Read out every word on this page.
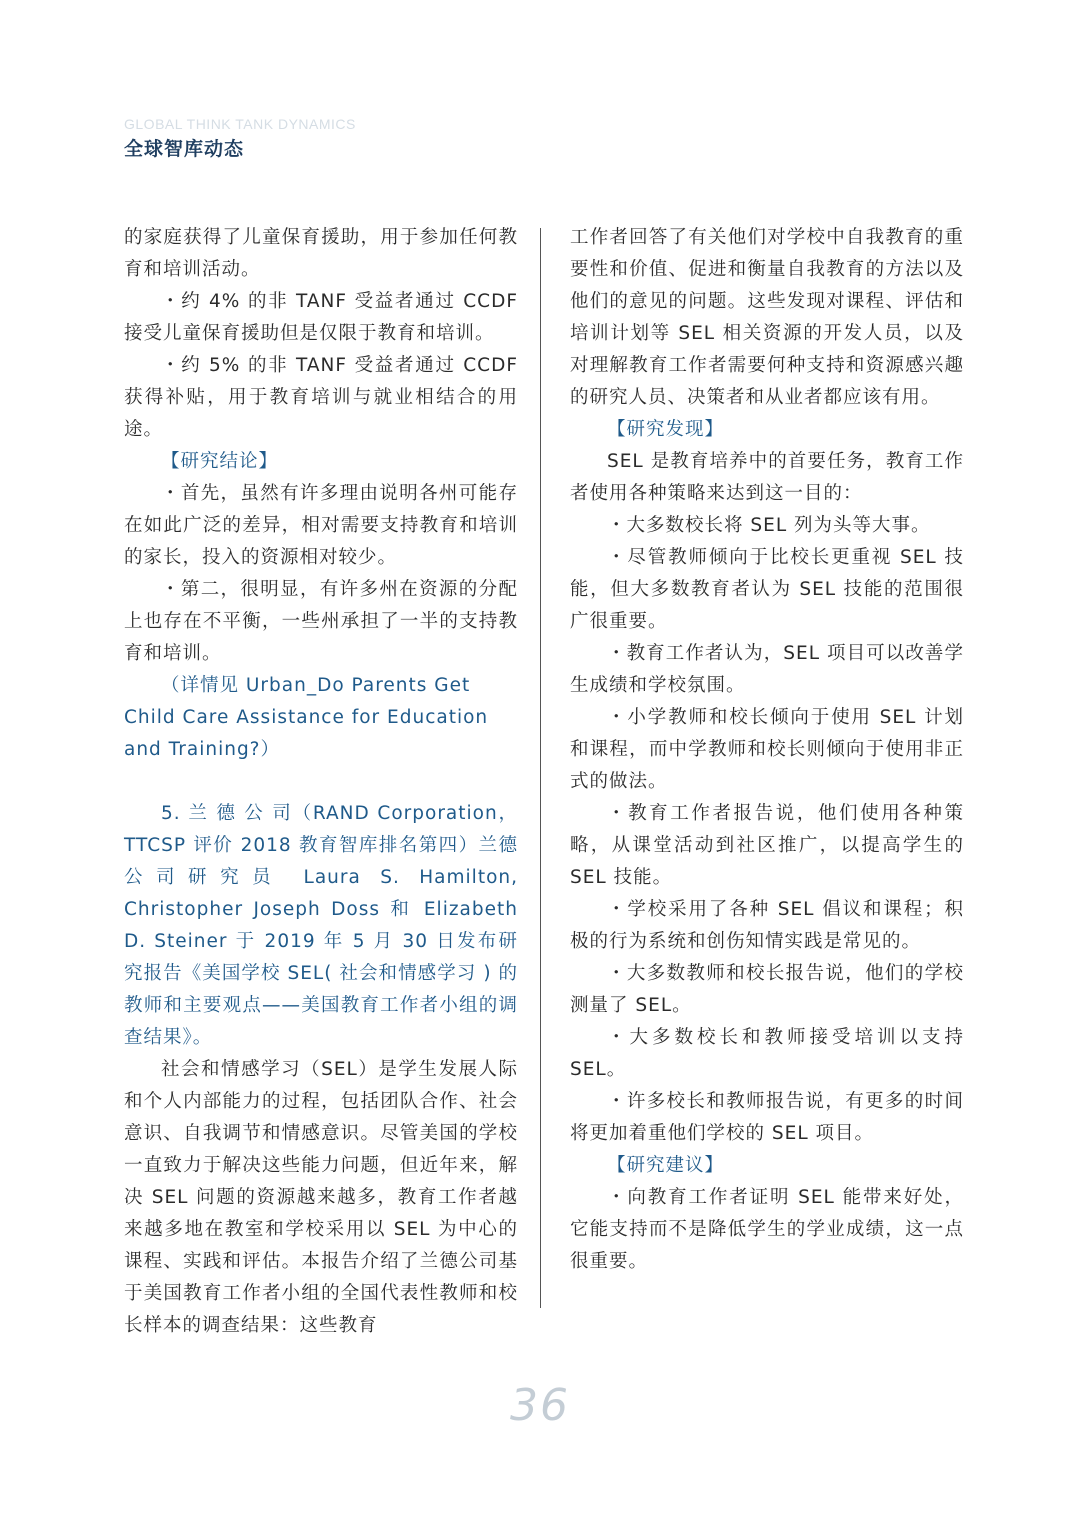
GLOBAL THINK TANK DYNAMICS
全球智库动态

的家庭获得了儿童保育援助，用于参加任何教育和培训活动。

・约 4% 的非 TANF 受益者通过 CCDF 接受儿童保育援助但是仅限于教育和培训。

・约 5% 的非 TANF 受益者通过 CCDF 获得补贴，用于教育培训与就业相结合的用途。

【研究结论】

・首先，虽然有许多理由说明各州可能存在如此广泛的差异，相对需要支持教育和培训的家长，投入的资源相对较少。

・第二，很明显，有许多州在资源的分配上也存在不平衡，一些州承担了一半的支持教育和培训。

（详情见 Urban_Do Parents Get Child Care Assistance for Education and Training?）

5. 兰 德 公 司（RAND Corporation，TTCSP 评价 2018 教育智库排名第四）兰德公司研究员 Laura S. Hamilton, Christopher Joseph Doss 和 Elizabeth D. Steiner 于 2019 年 5 月 30 日发布研究报告《美国学校 SEL( 社会和情感学习 ) 的教师和主要观点——美国教育工作者小组的调查结果》。

社会和情感学习（SEL）是学生发展人际和个人内部能力的过程，包括团队合作、社会意识、自我调节和情感意识。尽管美国的学校一直致力于解决这些能力问题，但近年来，解决 SEL 问题的资源越来越多，教育工作者越来越多地在教室和学校采用以 SEL 为中心的课程、实践和评估。本报告介绍了兰德公司基于美国教育工作者小组的全国代表性教师和校长样本的调查结果：这些教育

工作者回答了有关他们对学校中自我教育的重要性和价值、促进和衡量自我教育的方法以及他们的意见的问题。这些发现对课程、评估和培训计划等 SEL 相关资源的开发人员，以及对理解教育工作者需要何种支持和资源感兴趣的研究人员、决策者和从业者都应该有用。

【研究发现】

SEL 是教育培养中的首要任务，教育工作者使用各种策略来达到这一目的：

・大多数校长将 SEL 列为头等大事。

・尽管教师倾向于比校长更重视 SEL 技能，但大多数教育者认为 SEL 技能的范围很广很重要。

・教育工作者认为，SEL 项目可以改善学生成绩和学校氛围。

・小学教师和校长倾向于使用 SEL 计划和课程，而中学教师和校长则倾向于使用非正式的做法。

・教育工作者报告说，他们使用各种策略，从课堂活动到社区推广，以提高学生的 SEL 技能。

・学校采用了各种 SEL 倡议和课程；积极的行为系统和创伤知情实践是常见的。

・大多数教师和校长报告说，他们的学校测量了 SEL。

・大多数校长和教师接受培训以支持 SEL。

・许多校长和教师报告说，有更多的时间将更加着重他们学校的 SEL 项目。

【研究建议】

・向教育工作者证明 SEL 能带来好处，它能支持而不是降低学生的学业成绩，这一点很重要。

36
